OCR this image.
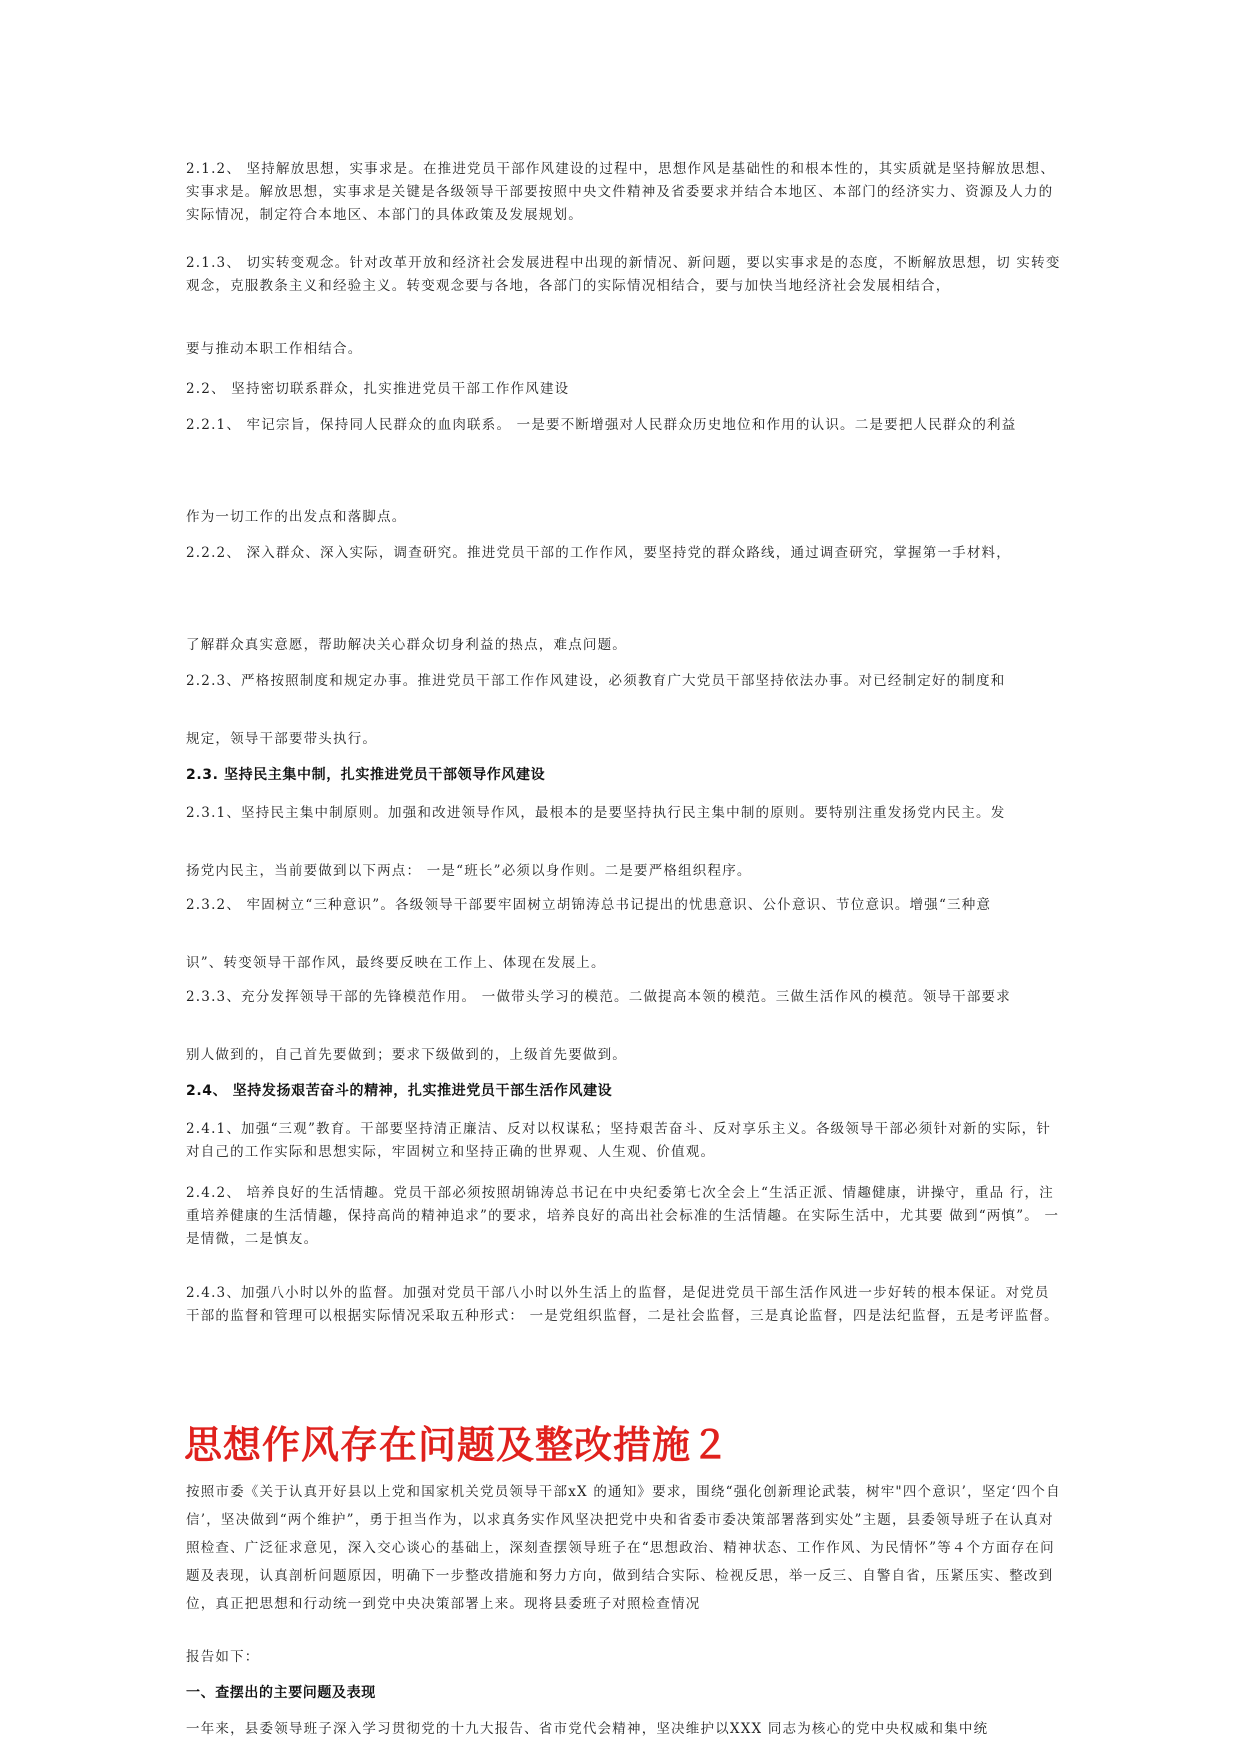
2.1.2、 坚持解放思想，实事求是。在推进党员干部作风建设的过程中，思想作风是基础性的和根本性的，其实质就是坚持解放思想、实事求是。解放思想，实事求是关键是各级领导干部要按照中央文件精神及省委要求并结合本地区、本部门的经济实力、资源及人力的实际情况，制定符合本地区、本部门的具体政策及发展规划。

2.1.3、 切实转变观念。针对改革开放和经济社会发展进程中出现的新情况、新问题，要以实事求是的态度，不断解放思想，切 实转变观念，克服教条主义和经验主义。转变观念要与各地，各部门的实际情况相结合，要与加快当地经济社会发展相结合，

要与推动本职工作相结合。

2.2、 坚持密切联系群众，扎实推进党员干部工作作风建设

2.2.1、 牢记宗旨，保持同人民群众的血肉联系。 一是要不断增强对人民群众历史地位和作用的认识。二是要把人民群众的利益

作为一切工作的出发点和落脚点。

2.2.2、 深入群众、深入实际，调查研究。推进党员干部的工作作风，要坚持党的群众路线，通过调查研究，掌握第一手材料，

了解群众真实意愿，帮助解决关心群众切身利益的热点，难点问题。

2.2.3、严格按照制度和规定办事。推进党员干部工作作风建设，必须教育广大党员干部坚持依法办事。对已经制定好的制度和

规定，领导干部要带头执行。

2.3. 坚持民主集中制，扎实推进党员干部领导作风建设

2.3.1、坚持民主集中制原则。加强和改进领导作风，最根本的是要坚持执行民主集中制的原则。要特别注重发扬党内民主。发

扬党内民主，当前要做到以下两点： 一是“班长”必须以身作则。二是要严格组织程序。

2.3.2、 牢固树立“三种意识”。各级领导干部要牢固树立胡锦涛总书记提出的忧患意识、公仆意识、节位意识。增强“三种意

识”、转变领导干部作风，最终要反映在工作上、体现在发展上。

2.3.3、充分发挥领导干部的先锋模范作用。 一做带头学习的模范。二做提高本领的模范。三做生活作风的模范。领导干部要求

别人做到的，自己首先要做到；要求下级做到的，上级首先要做到。

2.4、 坚持发扬艰苦奋斗的精神，扎实推进党员干部生活作风建设

2.4.1、加强“三观”教育。干部要坚持清正廉洁、反对以权谋私；坚持艰苦奋斗、反对享乐主义。各级领导干部必须针对新的实际，针对自己的工作实际和思想实际，牢固树立和坚持正确的世界观、人生观、价值观。

2.4.2、 培养良好的生活情趣。党员干部必须按照胡锦涛总书记在中央纪委第七次全会上“生活正派、情趣健康，讲操守，重品 行，注重培养健康的生活情趣，保持高尚的精神追求”的要求，培养良好的高出社会标准的生活情趣。在实际生活中，尤其要 做到“两慎”。 一是情微，二是慎友。

2.4.3、加强八小时以外的监督。加强对党员干部八小时以外生活上的监督，是促进党员干部生活作风进一步好转的根本保证。对党员干部的监督和管理可以根据实际情况采取五种形式： 一是党组织监督，二是社会监督，三是真论监督，四是法纪监督，五是考评监督。

思想作风存在问题及整改措施２

按照市委《关于认真开好县以上党和国家机关党员领导干部xX 的通知》要求，围绕“强化创新理论武装，树牢"四个意识’，坚定‘四个自信’，坚决做到“两个维护”，勇于担当作为，以求真务实作风坚决把党中央和省委市委决策部署落到实处”主题，县委领导班子在认真对照检查、广泛征求意见，深入交心谈心的基础上，深刻查摆领导班子在“思想政治、精神状态、工作作风、为民情怀”等４个方面存在问题及表现，认真剖析问题原因，明确下一步整改措施和努力方向，做到结合实际、检视反思，举一反三、自警自省，压紧压实、整改到位，真正把思想和行动统一到党中央决策部署上来。现将县委班子对照检查情况

报告如下：

一、查摆出的主要问题及表现

一年来，县委领导班子深入学习贯彻党的十九大报告、省市党代会精神，坚决维护以XXX 同志为核心的党中央权威和集中统
